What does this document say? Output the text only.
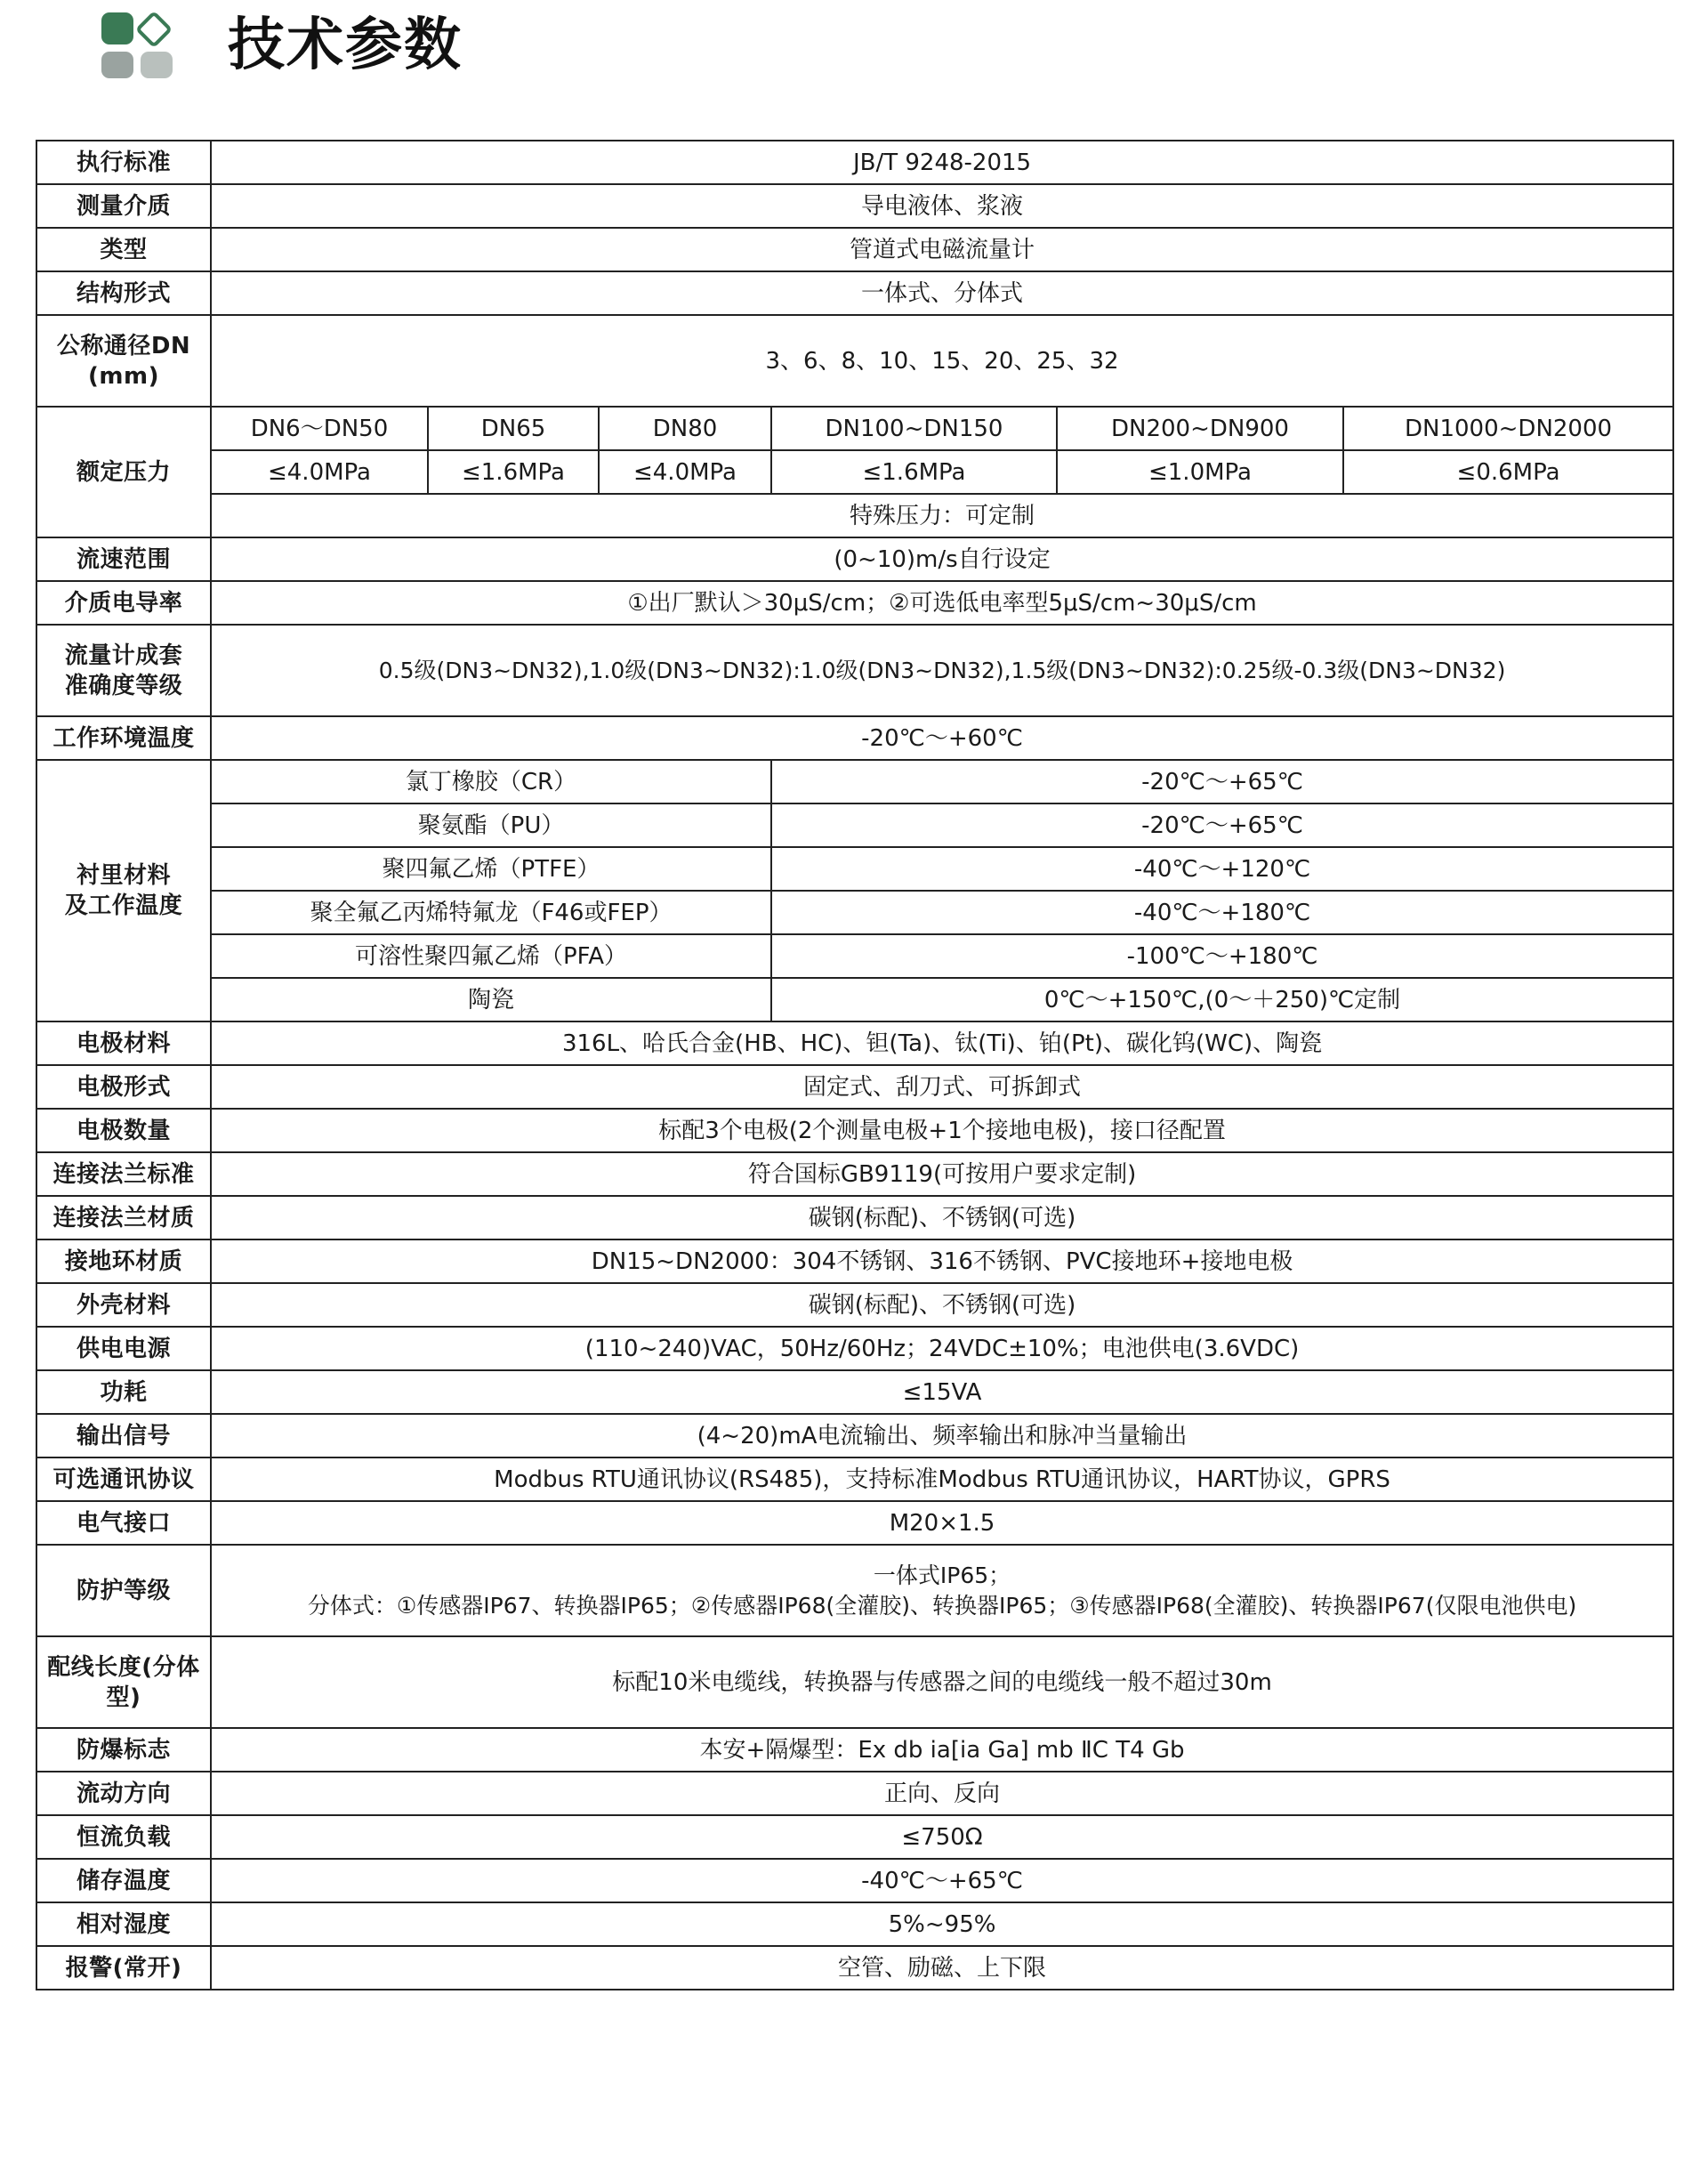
技术参数
执行标准	JB/T 9248-2015					
测量介质	导电液体、浆液					
类型	管道式电磁流量计					
结构形式	一体式、分体式					

公称通径DN
(mm)	3、6、8、10、15、20、25、32					
额定压力	DN6～DN50	DN65	DN80	DN100~DN150	DN200~DN900	DN1000~DN2000
	≤4.0MPa	≤1.6MPa	≤4.0MPa	≤1.6MPa	≤1.0MPa	≤0.6MPa
	特殊压力：可定制					
流速范围	(0~10)m/s自行设定					
介质电导率	①出厂默认＞30μS/cm；②可选低电率型5μS/cm~30μS/cm					

流量计成套
准确度等级	0.5级(DN3~DN32),1.0级(DN3~DN32):1.0级(DN3~DN32),1.5级(DN3~DN32):0.25级-0.3级(DN3~DN32)					
工作环境温度	-20℃～+60℃					

衬里材料
及工作温度	氯丁橡胶（CR）			-20℃～+65℃		
	聚氨酯（PU）			-20℃～+65℃		
	聚四氟乙烯（PTFE）			-40℃～+120℃		
	聚全氟乙丙烯特氟龙（F46或FEP）			-40℃～+180℃		
	可溶性聚四氟乙烯（PFA）			-100℃～+180℃		
	陶瓷			0℃～+150℃,(0～＋250)℃定制		
电极材料	316L、哈氏合金(HB、HC)、钽(Ta)、钛(Ti)、铂(Pt)、碳化钨(WC)、陶瓷					
电极形式	固定式、刮刀式、可拆卸式					
电极数量	标配3个电极(2个测量电极+1个接地电极)，接口径配置					
连接法兰标准	符合国标GB9119(可按用户要求定制)					
连接法兰材质	碳钢(标配)、不锈钢(可选)					
接地环材质	DN15~DN2000：304不锈钢、316不锈钢、PVC接地环+接地电极					
外壳材料	碳钢(标配)、不锈钢(可选)					
供电电源	(110~240)VAC，50Hz/60Hz；24VDC±10%；电池供电(3.6VDC)					
功耗	≤15VA					
输出信号	(4~20)mA电流输出、频率输出和脉冲当量输出					
可选通讯协议	Modbus RTU通讯协议(RS485)，支持标准Modbus RTU通讯协议，HART协议，GPRS					
电气接口	M20×1.5					
防护等级	一体式IP65；
分体式：①传感器IP67、转换器IP65；②传感器IP68(全灌胶)、转换器IP65；③传感器IP68(全灌胶)、转换器IP67(仅限电池供电)					

配线长度(分体
型)	标配10米电缆线，转换器与传感器之间的电缆线一般不超过30m					
防爆标志	本安+隔爆型：Ex db ia[ia Ga] mb ⅡC T4 Gb					
流动方向	正向、反向					
恒流负载	≤750Ω					
储存温度	-40℃～+65℃					
相对湿度	5%~95%					
报警(常开)	空管、励磁、上下限					
